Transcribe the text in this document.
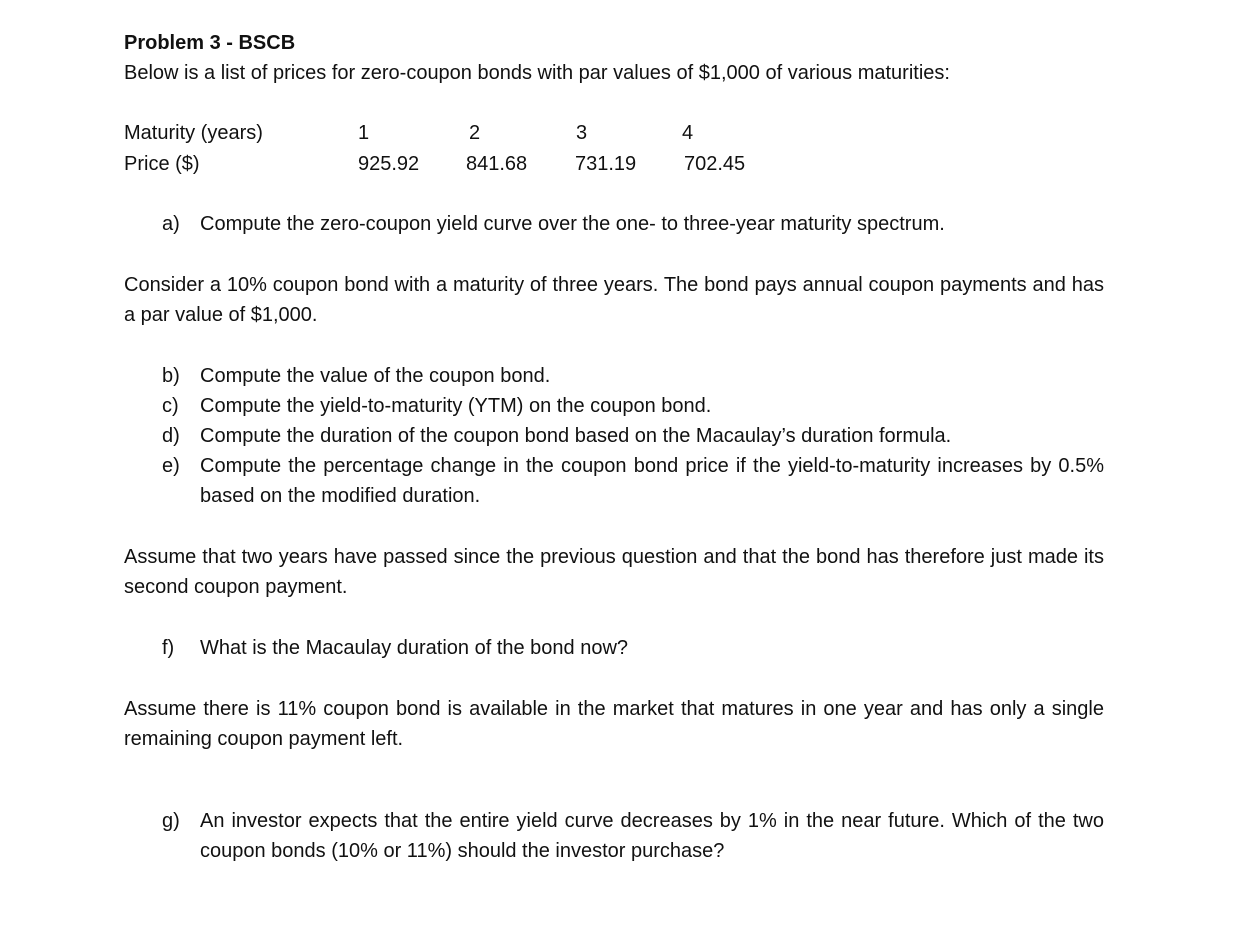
Problem 3 - BSCB

Below is a list of prices for zero-coupon bonds with par values of $1,000 of various maturities:

Maturity (years)	1	2	3	4
Price ($)	925.92 841.68 731.19 702.45
a) Compute the zero-coupon yield curve over the one- to three-year maturity spectrum.

Consider a 10% coupon bond with a maturity of three years. The bond pays annual coupon payments and has a par value of $1,000.

b) Compute the value of the coupon bond.
c) Compute the yield-to-maturity (YTM) on the coupon bond.
d) Compute the duration of the coupon bond based on the Macaulay’s duration formula.
e) Compute the percentage change in the coupon bond price if the yield-to-maturity increases by 0.5% based on the modified duration.

Assume that two years have passed since the previous question and that the bond has therefore just made its second coupon payment.

f) What is the Macaulay duration of the bond now?

Assume there is 11% coupon bond is available in the market that matures in one year and has only a single remaining coupon payment left.

g) An investor expects that the entire yield curve decreases by 1% in the near future. Which of the two coupon bonds (10% or 11%) should the investor purchase?
